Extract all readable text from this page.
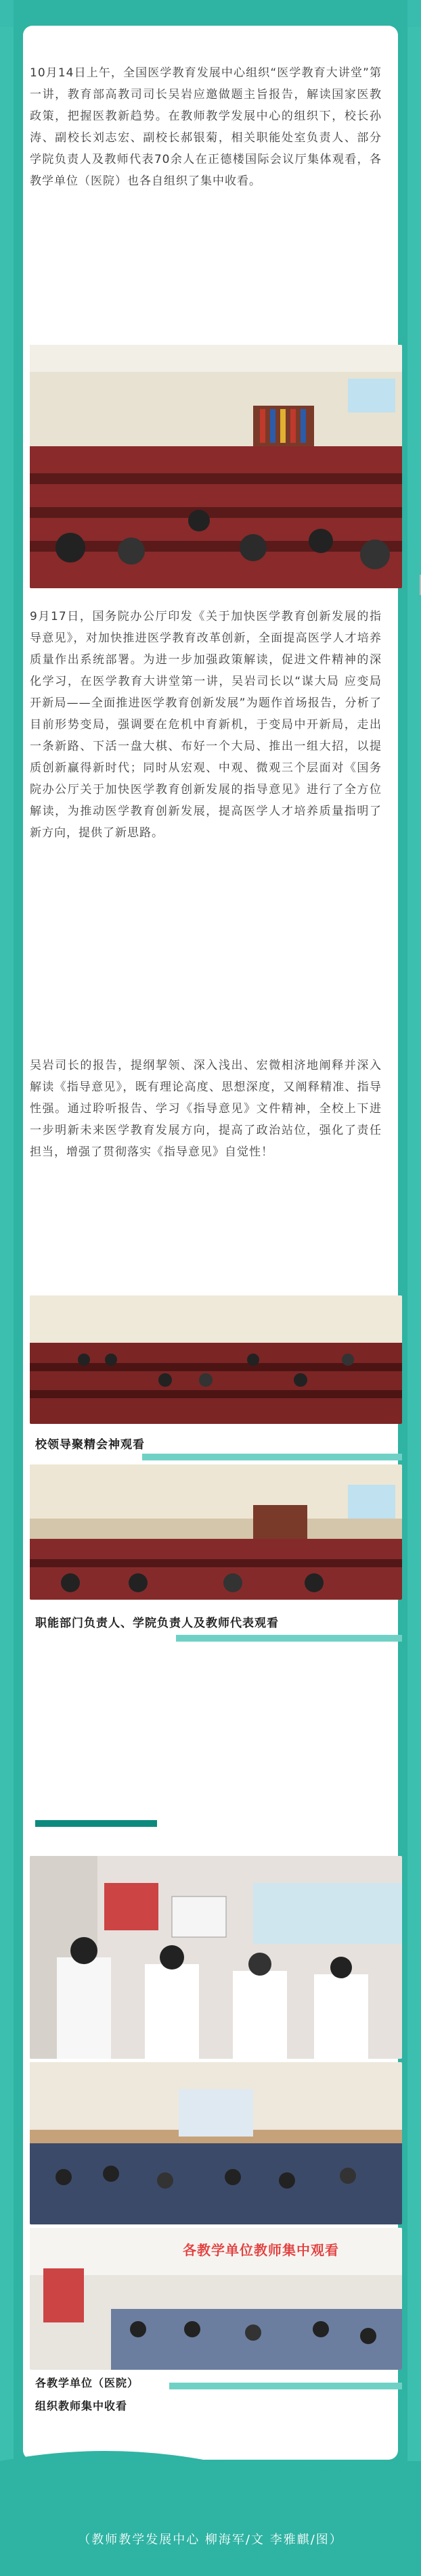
10月14日上午，全国医学教育发展中心组织“医学教育大讲堂”第一讲，教育部高教司司长吴岩应邀做题主旨报告，解读国家医教政策，把握医教新趋势。在教师教学发展中心的组织下，校长孙涛、副校长刘志宏、副校长郝银菊，相关职能处室负责人、部分学院负责人及教师代表70余人在正德楼国际会议厅集体观看，各教学单位（医院）也各自组织了集中收看。

9月17日，国务院办公厅印发《关于加快医学教育创新发展的指导意见》，对加快推进医学教育改革创新，全面提高医学人才培养质量作出系统部署。为进一步加强政策解读，促进文件精神的深化学习，在医学教育大讲堂第一讲，吴岩司长以“谋大局 应变局 开新局——全面推进医学教育创新发展”为题作首场报告，分析了目前形势变局，强调要在危机中育新机，于变局中开新局，走出一条新路、下活一盘大棋、布好一个大局、推出一组大招，以提质创新赢得新时代；同时从宏观、中观、微观三个层面对《国务院办公厅关于加快医学教育创新发展的指导意见》进行了全方位解读，为推动医学教育创新发展，提高医学人才培养质量指明了新方向，提供了新思路。

吴岩司长的报告，提纲挈领、深入浅出、宏微相济地阐释并深入解读《指导意见》，既有理论高度、思想深度，又阐释精准、指导性强。通过聆听报告、学习《指导意见》文件精神，全校上下进一步明新未来医学教育发展方向，提高了政治站位，强化了责任担当，增强了贯彻落实《指导意见》自觉性！

校领导聚精会神观看
职能部门负责人、学院负责人及教师代表观看
各教学单位教师集中观看
各教学单位（医院）
组织教师集中收看
（教师教学发展中心 柳海军/文 李雅麒/图）
